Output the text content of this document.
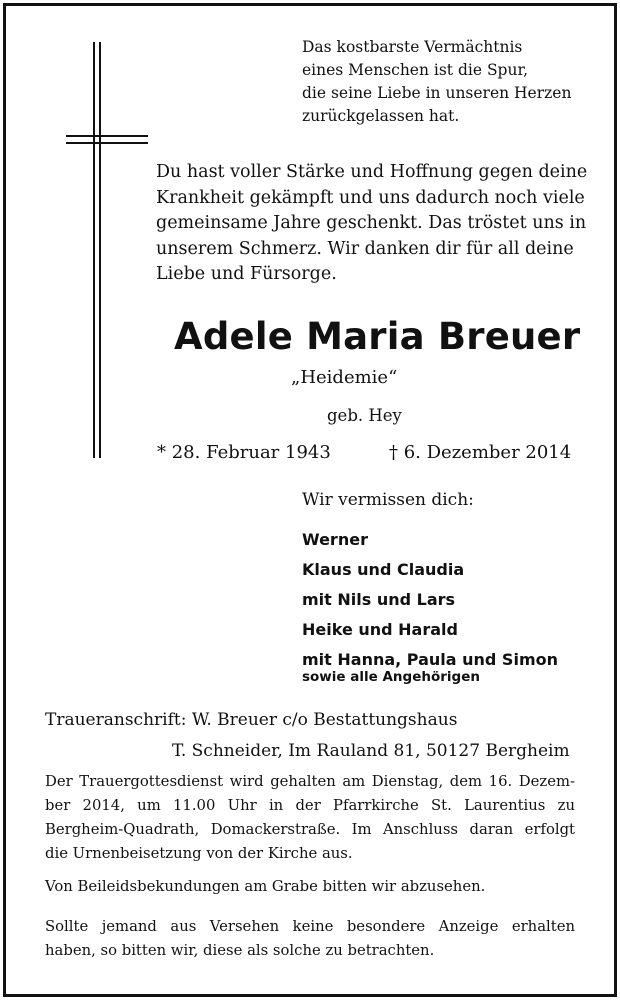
Das kostbarste Vermächtnis
eines Menschen ist die Spur,
die seine Liebe in unseren Herzen
zurückgelassen hat.
Du hast voller Stärke und Hoffnung gegen deine
Krankheit gekämpft und uns dadurch noch viele
gemeinsame Jahre geschenkt. Das tröstet uns in
unserem Schmerz. Wir danken dir für all deine
Liebe und Fürsorge.
Adele Maria Breuer
„Heidemie“
geb. Hey
* 28. Februar 1943	† 6. Dezember 2014
Wir vermissen dich:
Werner
Klaus und Claudia
mit Nils und Lars
Heike und Harald
mit Hanna, Paula und Simon
sowie alle Angehörigen
Traueranschrift: W. Breuer c/o Bestattungshaus
T. Schneider, Im Rauland 81, 50127 Bergheim

Der Trauergottesdienst wird gehalten am Dienstag, dem 16. Dezem-
ber 2014, um 11.00 Uhr in der Pfarrkirche St. Laurentius zu
Bergheim-Quadrath, Domackerstraße. Im Anschluss daran erfolgt
die Urnenbeisetzung von der Kirche aus.

Von Beileidsbekundungen am Grabe bitten wir abzusehen.

Sollte jemand aus Versehen keine besondere Anzeige erhalten
haben, so bitten wir, diese als solche zu betrachten.
